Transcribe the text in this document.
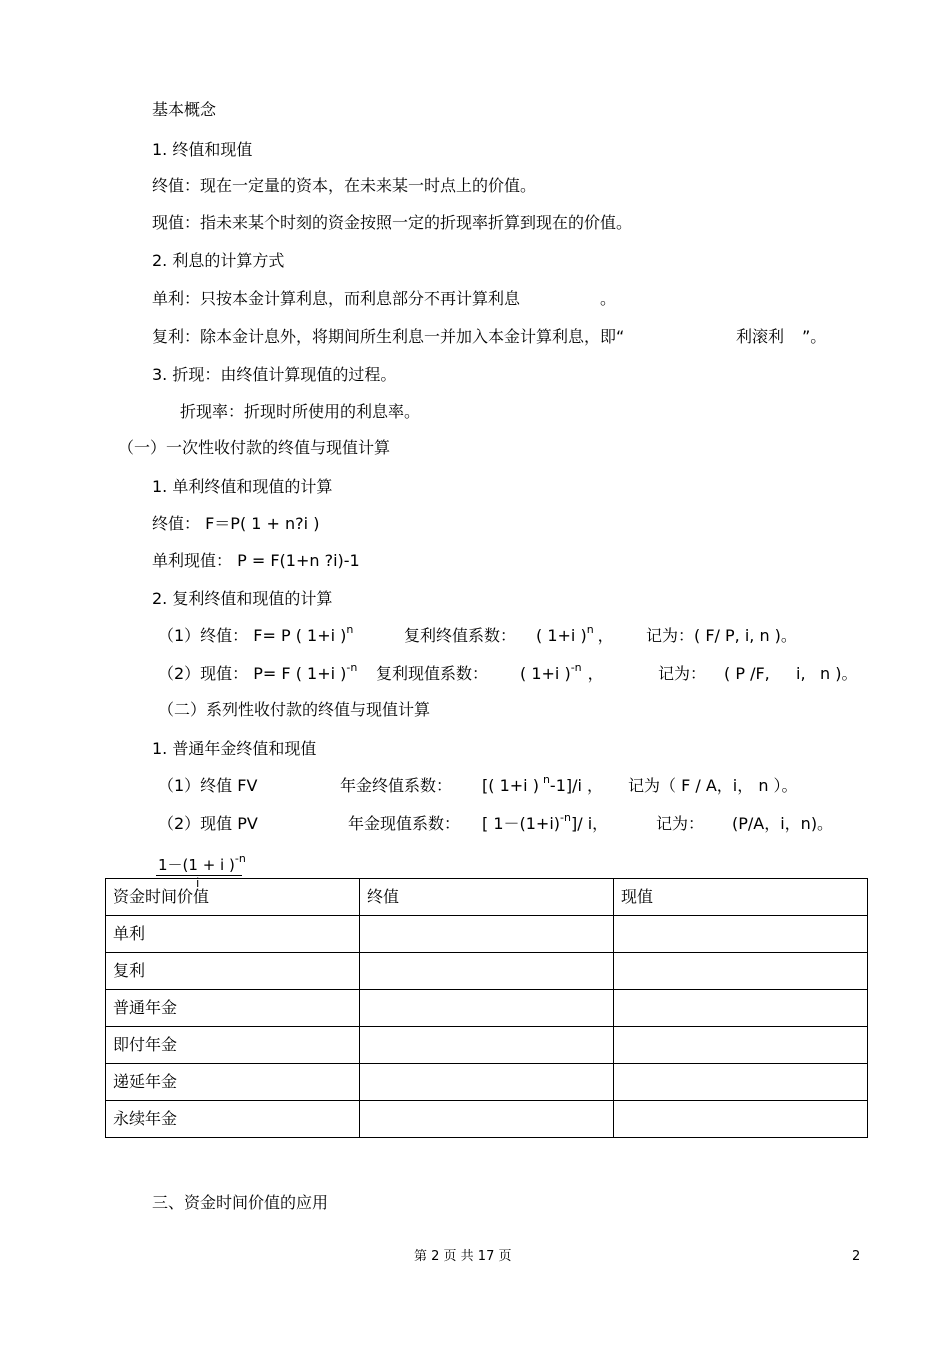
基本概念
1. 终值和现值
终值：现在一定量的资本，在未来某一时点上的价值。
现值：指未来某个时刻的资金按照一定的折现率折算到现在的价值。
2. 利息的计算方式
单利：只按本金计算利息，而利息部分不再计算利息	。
复利：除本金计息外，将期间所生利息一并加入本金计算利息，即“	利滚利 ”。
3. 折现：由终值计算现值的过程。
折现率：折现时所使用的利息率。
（一）一次性收付款的终值与现值计算
1. 单利终值和现值的计算
终值： F＝P( 1 + n?i )
单利现值： P = F(1+n ?i)-1
2. 复利终值和现值的计算
（1）终值： F= P ( 1+i )$^n$	复利终值系数： ( 1+i )$^n$ ， 记为：( F/ P, i, n )。
（2）现值： P= F ( 1+i )$^{-n}$ 复利现值系数： ( 1+i )$^{-n}$ ，	记为： ( P /F, i, n )。
（二）系列性收付款的终值与现值计算
1. 普通年金终值和现值
（1）终值 FV	年金终值系数： [( 1+i ) $^n$-1]/i ， 记为（ F / A，i， n ）。
（2）现值 PV	年金现值系数： [ $1-(1+i)^{-n}]/$ i，	记为： (P/A，i，n)。
1－(1 + i )$^{-n}$
i
资金时间价值	终值	现值
单利		
复利		
普通年金		
即付年金		
递延年金		
永续年金		
三、资金时间价值的应用
第 2 页 共 17 页	2
